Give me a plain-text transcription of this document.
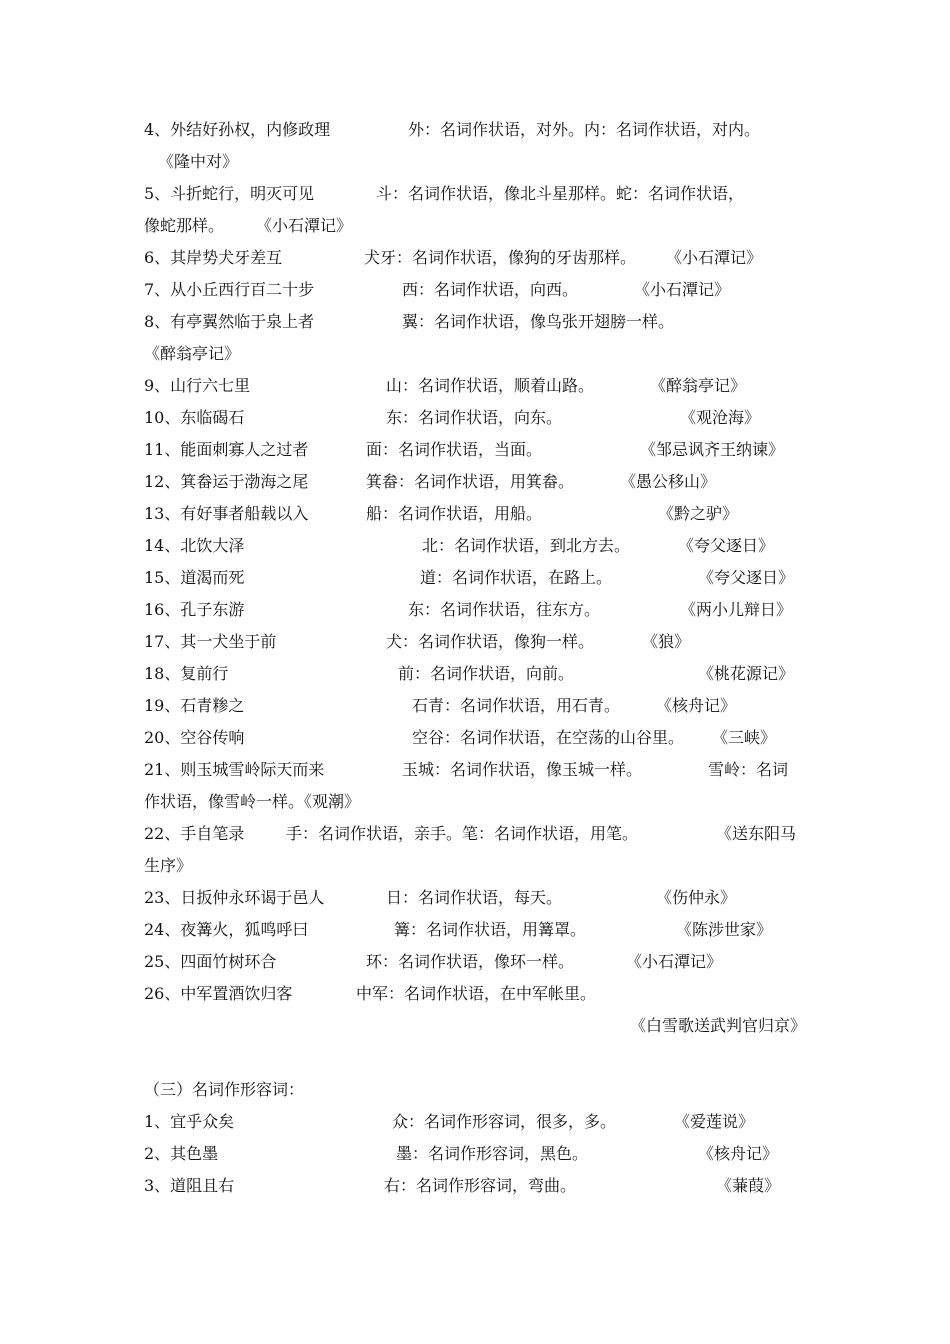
4、外结好孙权，内修政理	外：名词作状语，对外。内：名词作状语，对内。
《隆中对》
5、斗折蛇行，明灭可见	斗：名词作状语，像北斗星那样。蛇：名词作状语，
像蛇那样。 《小石潭记》
6、其岸势犬牙差互	犬牙：名词作状语，像狗的牙齿那样。 《小石潭记》
7、从小丘西行百二十步	西：名词作状语，向西。	《小石潭记》
8、有亭翼然临于泉上者	翼：名词作状语，像鸟张开翅膀一样。
《醉翁亭记》
9、山行六七里	山：名词作状语，顺着山路。	《醉翁亭记》
10、东临碣石	东：名词作状语，向东。	《观沧海》
11、能面刺寡人之过者	面：名词作状语，当面。	《邹忌讽齐王纳谏》
12、箕畚运于渤海之尾	箕畚：名词作状语，用箕畚。	《愚公移山》
13、有好事者船载以入	船：名词作状语，用船。	《黔之驴》
14、北饮大泽	北：名词作状语，到北方去。	《夸父逐日》
15、道渴而死	道：名词作状语，在路上。	《夸父逐日》
16、孔子东游	东：名词作状语，往东方。	《两小儿辩日》
17、其一犬坐于前	犬：名词作状语，像狗一样。	《狼》
18、复前行	前：名词作状语，向前。	《桃花源记》
19、石青糁之	石青：名词作状语，用石青。 《核舟记》
20、空谷传响	空谷：名词作状语，在空荡的山谷里。 《三峡》
21、则玉城雪岭际天而来	玉城：名词作状语，像玉城一样。	雪岭：名词
作状语，像雪岭一样。《观潮》
22、手自笔录	手：名词作状语，亲手。笔：名词作状语，用笔。	《送东阳马
生序》
23、日扳仲永环谒于邑人	日：名词作状语，每天。	《伤仲永》
24、夜篝火，狐鸣呼曰	篝：名词作状语，用篝罩。	《陈涉世家》
25、四面竹树环合	环：名词作状语，像环一样。	《小石潭记》
26、中军置酒饮归客	中军：名词作状语，在中军帐里。
《白雪歌送武判官归京》
（三）名词作形容词：
1、宜乎众矣	众：名词作形容词，很多，多。	《爱莲说》
2、其色墨	墨：名词作形容词，黑色。	《核舟记》
3、道阻且右	右：名词作形容词，弯曲。	《蒹葭》
